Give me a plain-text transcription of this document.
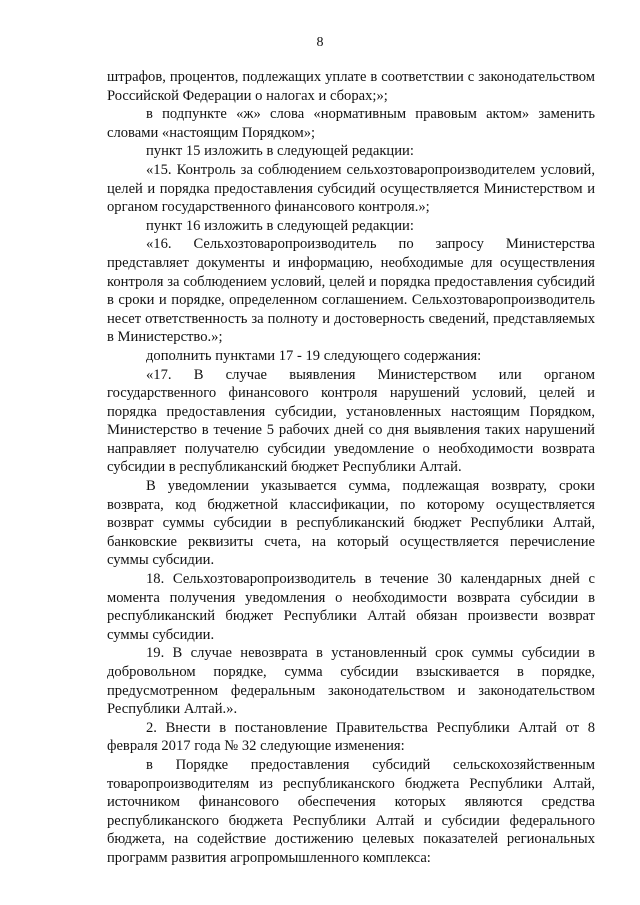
8

штрафов, процентов, подлежащих уплате в соответствии с законодательством Российской Федерации о налогах и сборах;»;

в подпункте «ж» слова «нормативным правовым актом» заменить словами «настоящим Порядком»;

пункт 15 изложить в следующей редакции:

«15. Контроль за соблюдением сельхозтоваропроизводителем условий, целей и порядка предоставления субсидий осуществляется Министерством и органом государственного финансового контроля.»;

пункт 16 изложить в следующей редакции:

«16. Сельхозтоваропроизводитель по запросу Министерства представляет документы и информацию, необходимые для осуществления контроля за соблюдением условий, целей и порядка предоставления субсидий в сроки и порядке, определенном соглашением. Сельхозтоваропроизводитель несет ответственность за полноту и достоверность сведений, представляемых в Министерство.»;

дополнить пунктами 17 - 19 следующего содержания:

«17. В случае выявления Министерством или органом государственного финансового контроля нарушений условий, целей и порядка предоставления субсидии, установленных настоящим Порядком, Министерство в течение 5 рабочих дней со дня выявления таких нарушений направляет получателю субсидии уведомление о необходимости возврата субсидии в республиканский бюджет Республики Алтай.

В уведомлении указывается сумма, подлежащая возврату, сроки возврата, код бюджетной классификации, по которому осуществляется возврат суммы субсидии в республиканский бюджет Республики Алтай, банковские реквизиты счета, на который осуществляется перечисление суммы субсидии.

18. Сельхозтоваропроизводитель в течение 30 календарных дней с момента получения уведомления о необходимости возврата субсидии в республиканский бюджет Республики Алтай обязан произвести возврат суммы субсидии.

19. В случае невозврата в установленный срок суммы субсидии в добровольном порядке, сумма субсидии взыскивается в порядке, предусмотренном федеральным законодательством и законодательством Республики Алтай.».

2. Внести в постановление Правительства Республики Алтай от 8 февраля 2017 года № 32 следующие изменения:

в Порядке предоставления субсидий сельскохозяйственным товаропроизводителям из республиканского бюджета Республики Алтай, источником финансового обеспечения которых являются средства республиканского бюджета Республики Алтай и субсидии федерального бюджета, на содействие достижению целевых показателей региональных программ развития агропромышленного комплекса:
